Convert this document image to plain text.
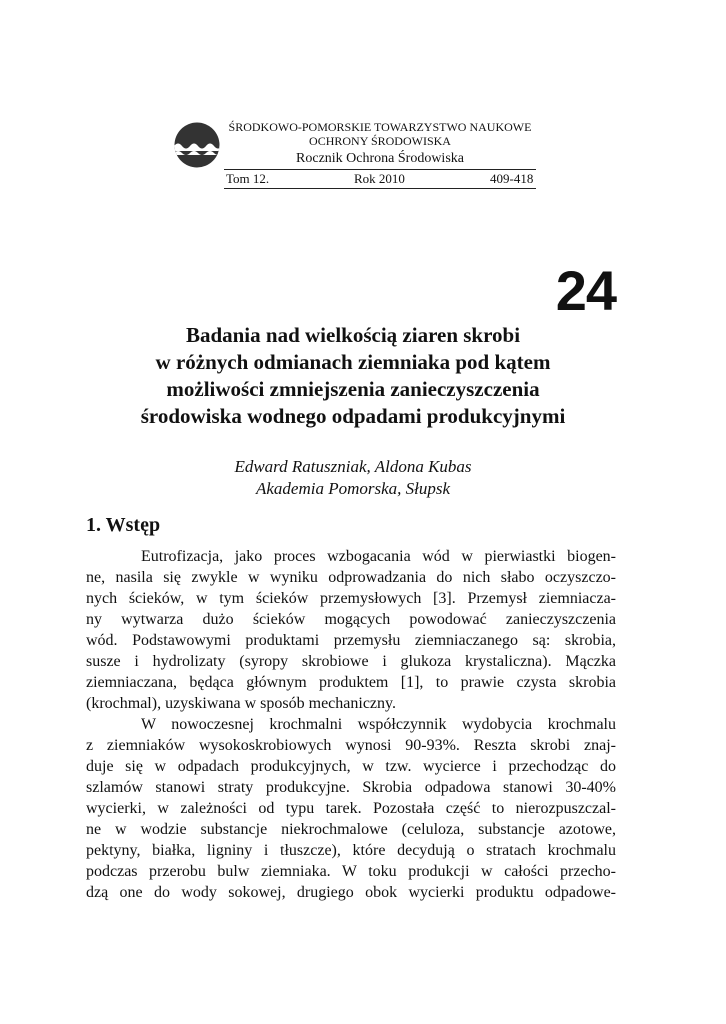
ŚRODKOWO-POMORSKIE TOWARZYSTWO NAUKOWE
OCHRONY ŚRODOWISKA
Rocznik Ochrona Środowiska
Tom 12.	Rok 2010	409-418
24
Badania nad wielkością ziaren skrobi
w różnych odmianach ziemniaka pod kątem
możliwości zmniejszenia zanieczyszczenia
środowiska wodnego odpadami produkcyjnymi
Edward Ratuszniak, Aldona Kubas
Akademia Pomorska, Słupsk
1. Wstęp
Eutrofizacja, jako proces wzbogacania wód w pierwiastki biogen-
ne, nasila się zwykle w wyniku odprowadzania do nich słabo oczyszczo-
nych ścieków, w tym ścieków przemysłowych [3]. Przemysł ziemniacza-
ny wytwarza dużo ścieków mogących powodować zanieczyszczenia
wód. Podstawowymi produktami przemysłu ziemniaczanego są: skrobia,
susze i hydrolizaty (syropy skrobiowe i glukoza krystaliczna). Mączka
ziemniaczana, będąca głównym produktem [1], to prawie czysta skrobia
(krochmal), uzyskiwana w sposób mechaniczny.
W nowoczesnej krochmalni współczynnik wydobycia krochmalu
z ziemniaków wysokoskrobiowych wynosi 90-93%. Reszta skrobi znaj-
duje się w odpadach produkcyjnych, w tzw. wycierce i przechodząc do
szlamów stanowi straty produkcyjne. Skrobia odpadowa stanowi 30-40%
wycierki, w zależności od typu tarek. Pozostała część to nierozpuszczal-
ne w wodzie substancje niekrochmalowe (celuloza, substancje azotowe,
pektyny, białka, ligniny i tłuszcze), które decydują o stratach krochmalu
podczas przerobu bulw ziemniaka. W toku produkcji w całości przecho-
dzą one do wody sokowej, drugiego obok wycierki produktu odpadowe-
